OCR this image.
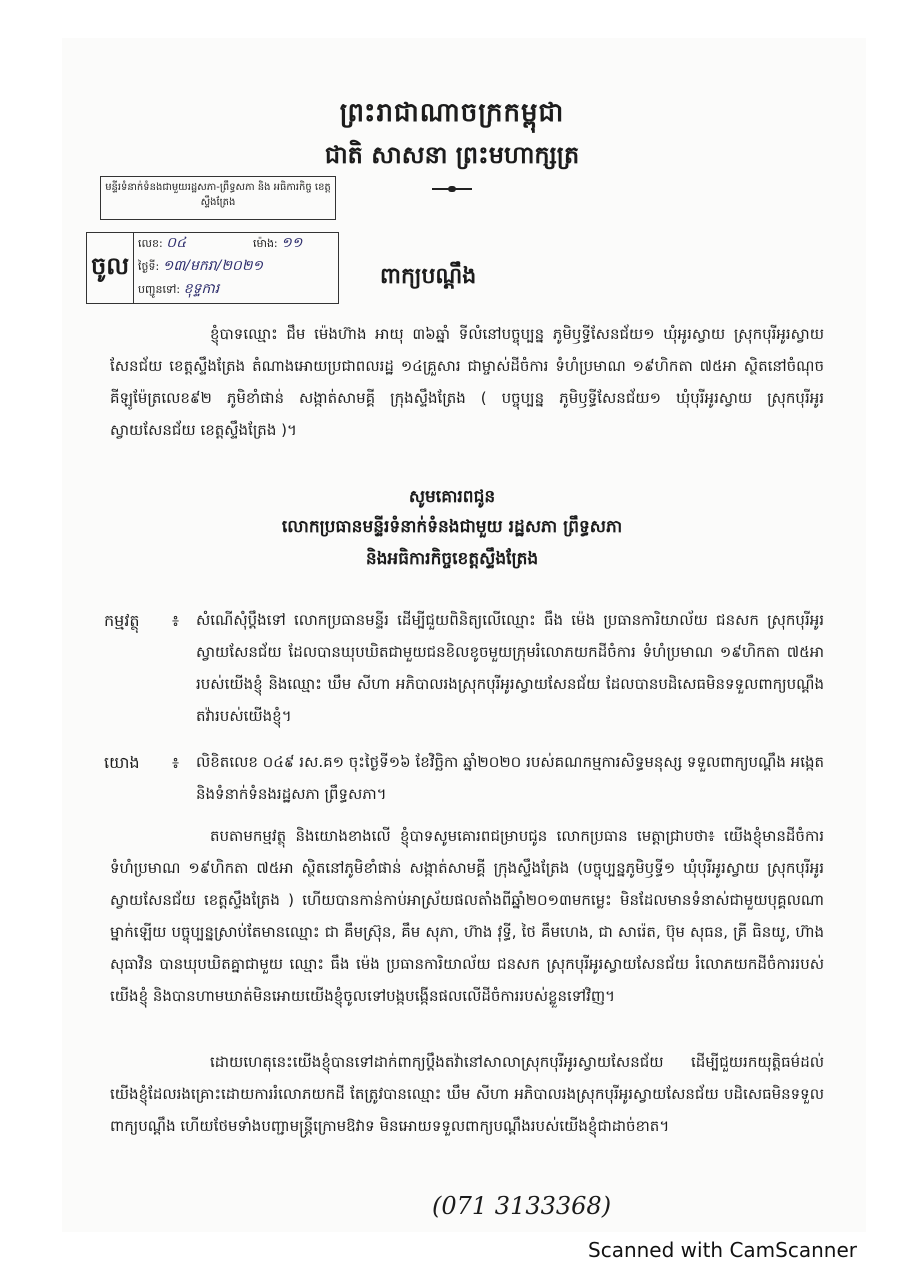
ព្រះរាជាណាចក្រកម្ពុជា
ជាតិ សាសនា ព្រះមហាក្សត្រ
មន្ទីរទំនាក់ទំនងជាមួយរដ្ឋសភា-ព្រឹទ្ធសភា និង អធិការកិច្ច ខេត្តស្ទឹងត្រែង
ចូល
លេខ: ០៤	ម៉ោង: ១១
ថ្ងៃទី: ១៣/មករា/២០២១
បញ្ជូនទៅ: ខុទ្ទការ	ពាក្យបណ្តឹង
ខ្ញុំបាទឈ្មោះ ជឹម ម៉េងហ៊ាង អាយុ ៣៦ឆ្នាំ ទីលំនៅបច្ចុប្បន្ន ភូមិឫទ្ធីសែនជ័យ១ ឃុំអូរស្វាយ ស្រុកបុរីអូរស្វាយ សែនជ័យ ខេត្តស្ទឹងត្រែង តំណាងអោយប្រជាពលរដ្ឋ ១៤គ្រួសារ ជាម្ចាស់ដីចំការ ទំហំប្រមាណ ១៩ហិកតា ៧៥អា ស្ថិតនៅចំណុច គីឡូម៉ែត្រលេខ៩២ ភូមិខាំផាន់ សង្កាត់សាមគ្គី ក្រុងស្ទឹងត្រែង ( បច្ចុប្បន្ន ភូមិឫទ្ធីសែនជ័យ១ ឃុំបុរីអូរស្វាយ ស្រុកបុរីអូរស្វាយសែនជ័យ ខេត្តស្ទឹងត្រែង )។
សូមគោរពជូន
លោកប្រធានមន្ទីរទំនាក់ទំនងជាមួយ រដ្ឋសភា ព្រឹទ្ធសភា
និងអធិការកិច្ចខេត្តស្ទឹងត្រែង
កម្មវត្ថុ ៖ សំណើសុំប្តឹងទៅ លោកប្រធានមន្ទីរ ដើម្បីជួយពិនិត្យលើឈ្មោះ ធឹង ម៉េង ប្រធានការិយាល័យ ជនសក ស្រុកបុរីអូរស្វាយសែនជ័យ ដែលបានឃុបឃិតជាមួយជនខិលខូចមួយក្រុមរំលោភយកដីចំការ ទំហំប្រមាណ ១៩ហិកតា ៧៥អា របស់យើងខ្ញុំ និងឈ្មោះ ឃឹម សីហា អភិបាលរងស្រុកបុរីអូរស្វាយសែនជ័យ ដែលបានបដិសេធមិនទទួលពាក្យបណ្តឹងតវ៉ារបស់យើងខ្ញុំ។
យោង ៖ លិខិតលេខ ០៤៩ រស.គ១ ចុះថ្ងៃទី១៦ ខែវិច្ឆិកា ឆ្នាំ២០២០ របស់គណកម្មការសិទ្ធមនុស្ស ទទួលពាក្យបណ្តឹង អង្កេត និងទំនាក់ទំនងរដ្ឋសភា ព្រឹទ្ធសភា។
តបតាមកម្មវត្ថុ និងយោងខាងលើ ខ្ញុំបាទសូមគោរពជម្រាបជូន លោកប្រធាន មេត្តាជ្រាបថា៖ យើងខ្ញុំមានដីចំការទំហំប្រមាណ ១៩ហិកតា ៧៥អា ស្ថិតនៅភូមិខាំផាន់ សង្កាត់សាមគ្គី ក្រុងស្ទឹងត្រែង (បច្ចុប្បន្នភូមិឫទ្ធី១ ឃុំបុរីអូរស្វាយ ស្រុកបុរីអូរស្វាយសែនជ័យ ខេត្តស្ទឹងត្រែង ) ហើយបានកាន់កាប់អាស្រ័យផលតាំងពីឆ្នាំ២០១៣មកម្លេះ មិនដែលមានទំនាស់ជាមួយបុគ្គលណាម្នាក់ឡើយ បច្ចុប្បន្នស្រាប់តែមានឈ្មោះ ជា គឹមស្រ៊ុន, គឹម សុភា, ហ៊ាង វុទ្ធី, ថៃ គឹមហេង, ជា សារ៉េត, ប៊ុម សុធន, គ្រី ធិនយូ, ហ៊ាង សុធាវិន បានឃុបឃិតគ្នាជាមួយ ឈ្មោះ ធឹង ម៉េង ប្រធានការិយាល័យ ជនសក ស្រុកបុរីអូរស្វាយសែនជ័យ រំលោភយកដីចំការរបស់យើងខ្ញុំ និងបានហាមឃាត់មិនអោយយើងខ្ញុំចូលទៅបង្កបង្កើនផលលើដីចំការរបស់ខ្លួនទៅវិញ។
ដោយហេតុនេះយើងខ្ញុំបានទៅដាក់ពាក្យប្តឹងតវ៉ានៅសាលាស្រុកបុរីអូរស្វាយសែនជ័យ ដើម្បីជួយរកយុត្តិធម៌ដល់យើងខ្ញុំដែលរងគ្រោះដោយការរំលោភយកដី តែត្រូវបានឈ្មោះ ឃឹម សីហា អភិបាលរងស្រុកបុរីអូរស្វាយសែនជ័យ បដិសេធមិនទទួលពាក្យបណ្តឹង ហើយថែមទាំងបញ្ជាមន្ត្រីក្រោមឱវាទ មិនអោយទទួលពាក្យបណ្តឹងរបស់យើងខ្ញុំជាដាច់ខាត។
(071 3133368)
Scanned with CamScanner
